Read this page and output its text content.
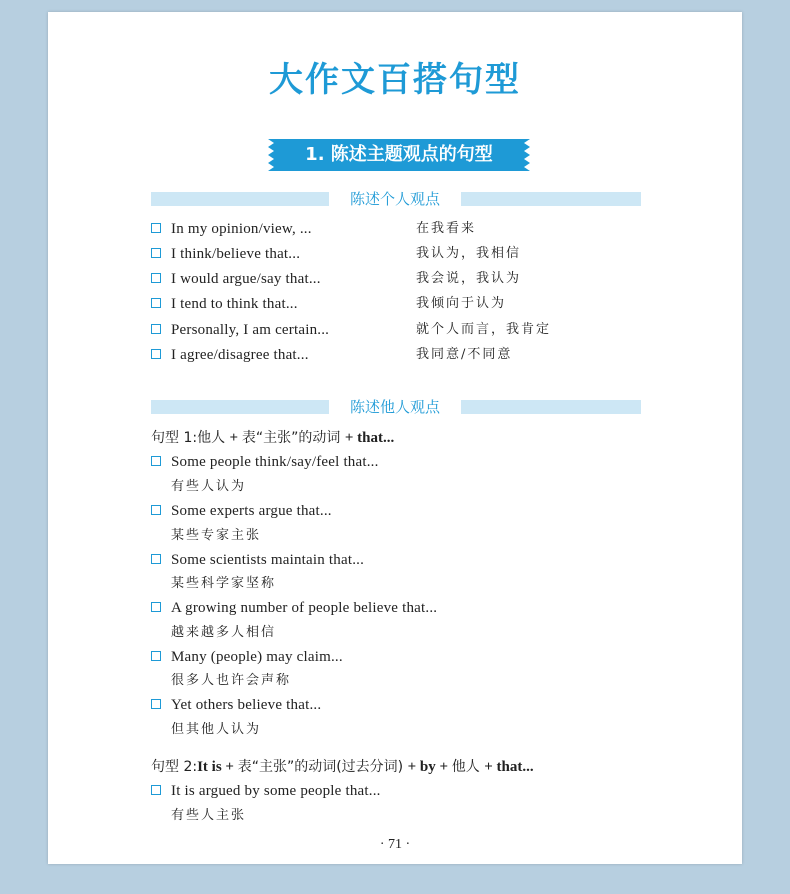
大作文百搭句型
1. 陈述主题观点的句型
陈述个人观点
In my opinion/view, ...	在我看来
I think/believe that...	我认为，我相信
I would argue/say that...	我会说，我认为
I tend to think that...	我倾向于认为
Personally, I am certain...	就个人而言，我肯定
I agree/disagree that...	我同意/不同意
陈述他人观点
句型 1:他人 + 表“主张”的动词 + that...
Some people think/say/feel that...
有些人认为
Some experts argue that...
某些专家主张
Some scientists maintain that...
某些科学家坚称
A growing number of people believe that...
越来越多人相信
Many (people) may claim...
很多人也许会声称
Yet others believe that...
但其他人认为
句型 2:It is + 表“主张”的动词(过去分词) + by + 他人 + that...
It is argued by some people that...
有些人主张
· 71 ·
